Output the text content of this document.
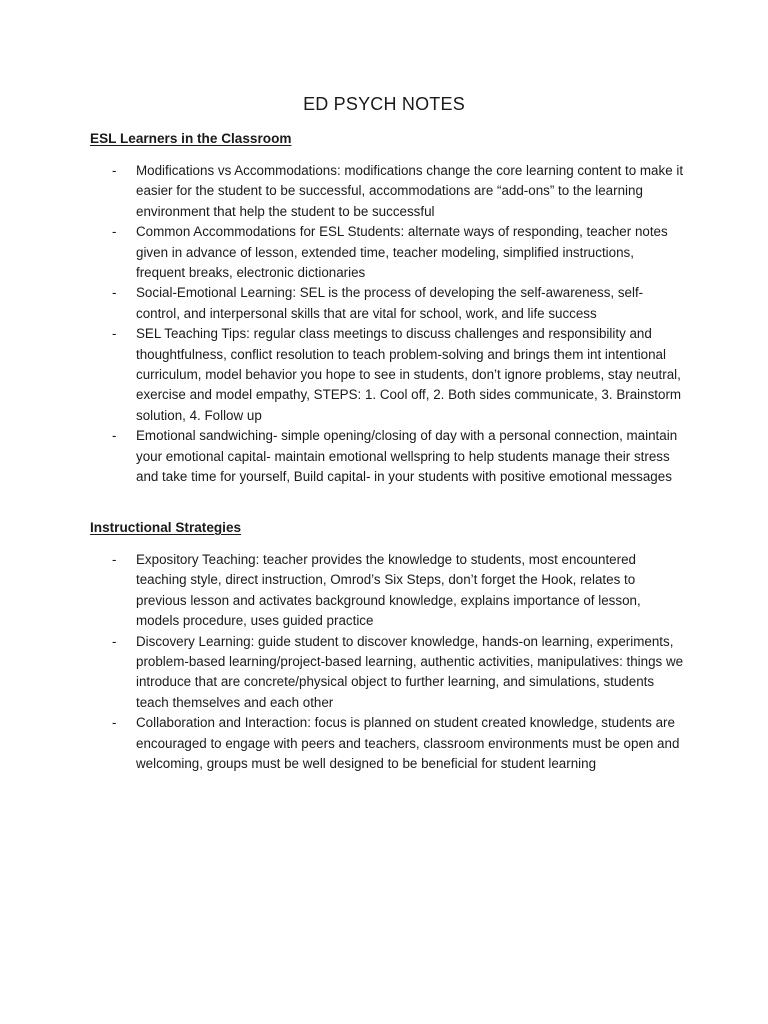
ED PSYCH NOTES
ESL Learners in the Classroom
-	Modifications vs Accommodations: modifications change the core learning content to make it easier for the student to be successful, accommodations are “add-ons” to the learning environment that help the student to be successful
-	Common Accommodations for ESL Students: alternate ways of responding, teacher notes given in advance of lesson, extended time, teacher modeling, simplified instructions, frequent breaks, electronic dictionaries
-	Social-Emotional Learning: SEL is the process of developing the self-awareness, self-control, and interpersonal skills that are vital for school, work, and life success
-	SEL Teaching Tips: regular class meetings to discuss challenges and responsibility and thoughtfulness, conflict resolution to teach problem-solving and brings them int intentional curriculum, model behavior you hope to see in students, don’t ignore problems, stay neutral, exercise and model empathy, STEPS: 1. Cool off, 2. Both sides communicate, 3. Brainstorm solution, 4. Follow up
-	Emotional sandwiching- simple opening/closing of day with a personal connection, maintain your emotional capital- maintain emotional wellspring to help students manage their stress and take time for yourself, Build capital- in your students with positive emotional messages
Instructional Strategies
-	Expository Teaching: teacher provides the knowledge to students, most encountered teaching style, direct instruction, Omrod’s Six Steps, don’t forget the Hook, relates to previous lesson and activates background knowledge, explains importance of lesson, models procedure, uses guided practice
-	Discovery Learning: guide student to discover knowledge, hands-on learning, experiments, problem-based learning/project-based learning, authentic activities, manipulatives: things we introduce that are concrete/physical object to further learning, and simulations, students teach themselves and each other
-	Collaboration and Interaction: focus is planned on student created knowledge, students are encouraged to engage with peers and teachers, classroom environments must be open and welcoming, groups must be well designed to be beneficial for student learning
